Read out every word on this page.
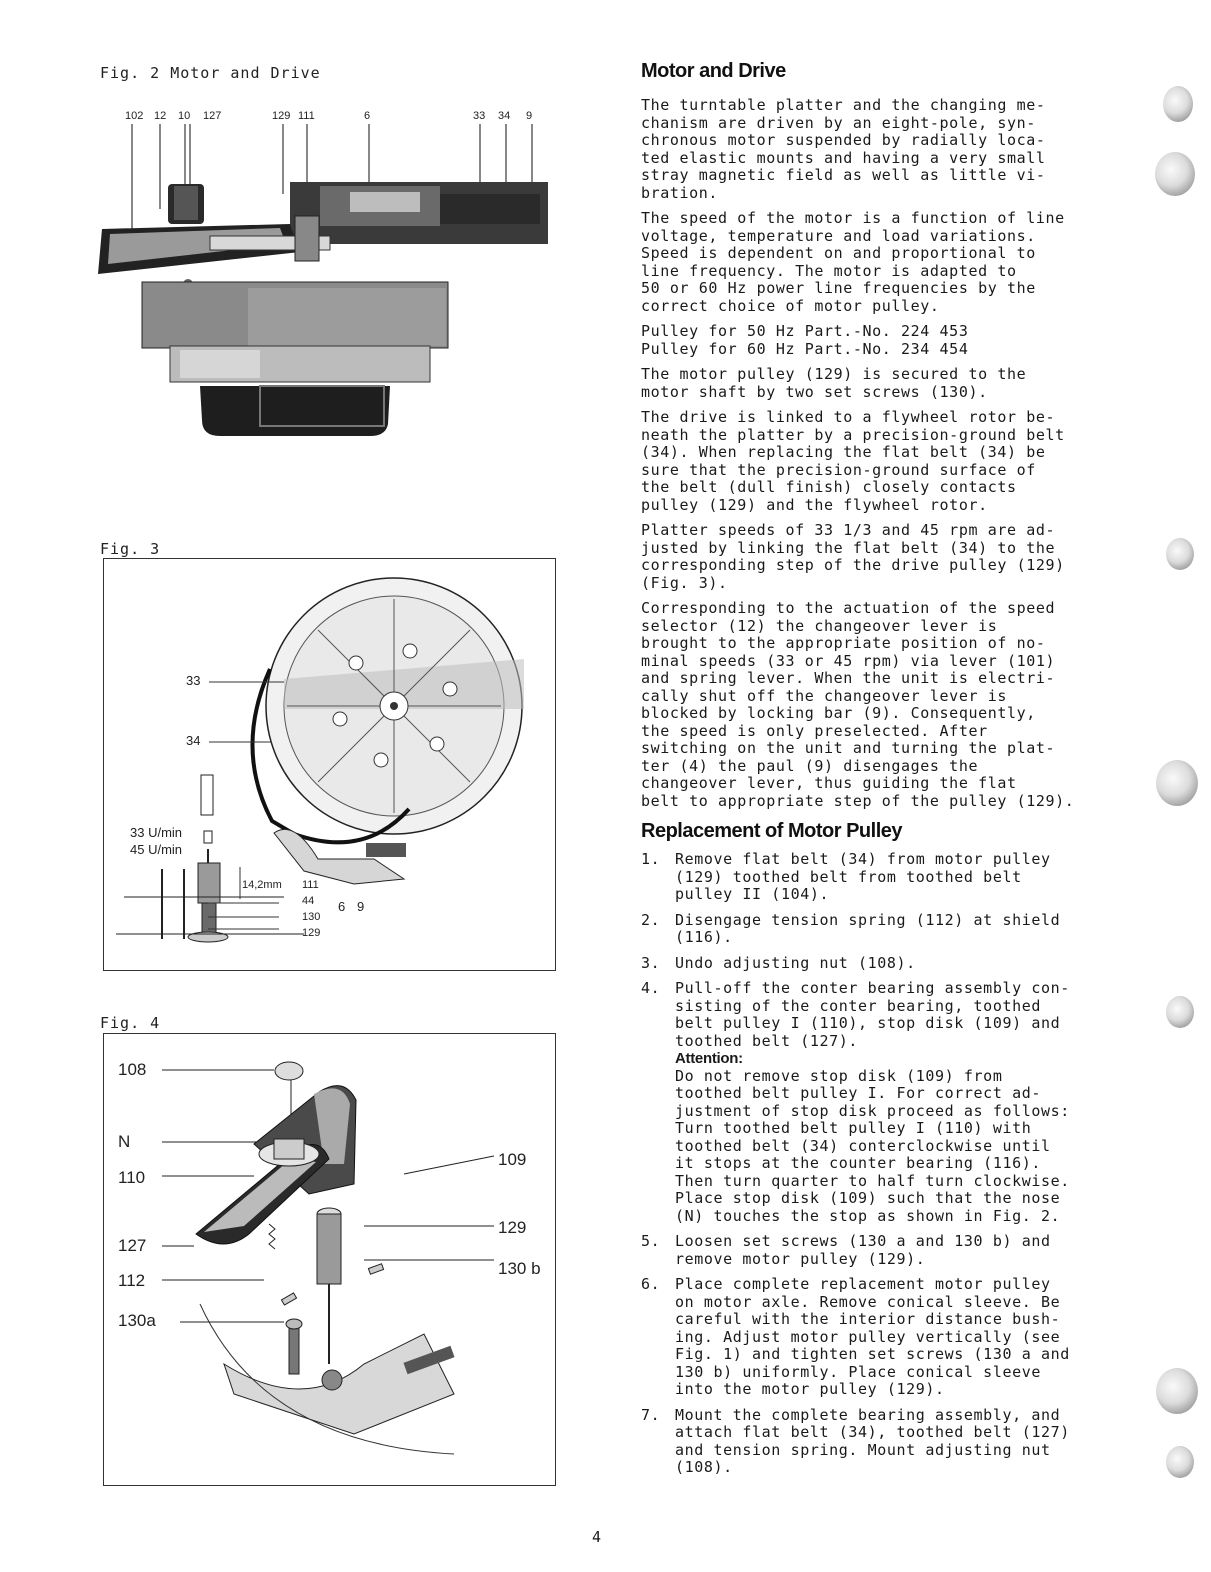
Fig. 2 Motor and Drive
102 12 10 127	129 111	6	33 34 9
Fig. 3
33
34
33 U/min
45 U/min
14,2mm 111
44
130
129
6 9
Fig. 4
108
N
110
127
112
130a
109
129
130 b
Motor and Drive

The turntable platter and the changing me-
chanism are driven by an eight-pole, syn-
chronous motor suspended by radially loca-
ted elastic mounts and having a very small
stray magnetic field as well as little vi-
bration.

The speed of the motor is a function of line
voltage, temperature and load variations.
Speed is dependent on and proportional to
line frequency. The motor is adapted to
50 or 60 Hz power line frequencies by the
correct choice of motor pulley.

Pulley for 50 Hz Part.-No. 224 453
Pulley for 60 Hz Part.-No. 234 454

The motor pulley (129) is secured to the
motor shaft by two set screws (130).

The drive is linked to a flywheel rotor be-
neath the platter by a precision-ground belt
(34). When replacing the flat belt (34) be
sure that the precision-ground surface of
the belt (dull finish) closely contacts
pulley (129) and the flywheel rotor.

Platter speeds of 33 1/3 and 45 rpm are ad-
justed by linking the flat belt (34) to the
corresponding step of the drive pulley (129)
(Fig. 3).

Corresponding to the actuation of the speed
selector (12) the changeover lever is
brought to the appropriate position of no-
minal speeds (33 or 45 rpm) via lever (101)
and spring lever. When the unit is electri-
cally shut off the changeover lever is
blocked by locking bar (9). Consequently,
the speed is only preselected. After
switching on the unit and turning the plat-
ter (4) the paul (9) disengages the
changeover lever, thus guiding the flat
belt to appropriate step of the pulley (129).

Replacement of Motor Pulley
1. Remove flat belt (34) from motor pulley
(129) toothed belt from toothed belt
pulley II (104).
2. Disengage tension spring (112) at shield
(116).
3. Undo adjusting nut (108).
4. Pull-off the conter bearing assembly con-
sisting of the conter bearing, toothed
belt pulley I (110), stop disk (109) and
toothed belt (127).
Attention:
Do not remove stop disk (109) from
toothed belt pulley I. For correct ad-
justment of stop disk proceed as follows:
Turn toothed belt pulley I (110) with
toothed belt (34) conterclockwise until
it stops at the counter bearing (116).
Then turn quarter to half turn clockwise.
Place stop disk (109) such that the nose
(N) touches the stop as shown in Fig. 2.
5. Loosen set screws (130 a and 130 b) and
remove motor pulley (129).
6. Place complete replacement motor pulley
on motor axle. Remove conical sleeve. Be
careful with the interior distance bush-
ing. Adjust motor pulley vertically (see
Fig. 1) and tighten set screws (130 a and
130 b) uniformly. Place conical sleeve
into the motor pulley (129).
7. Mount the complete bearing assembly, and
attach flat belt (34), toothed belt (127)
and tension spring. Mount adjusting nut
(108).
4
